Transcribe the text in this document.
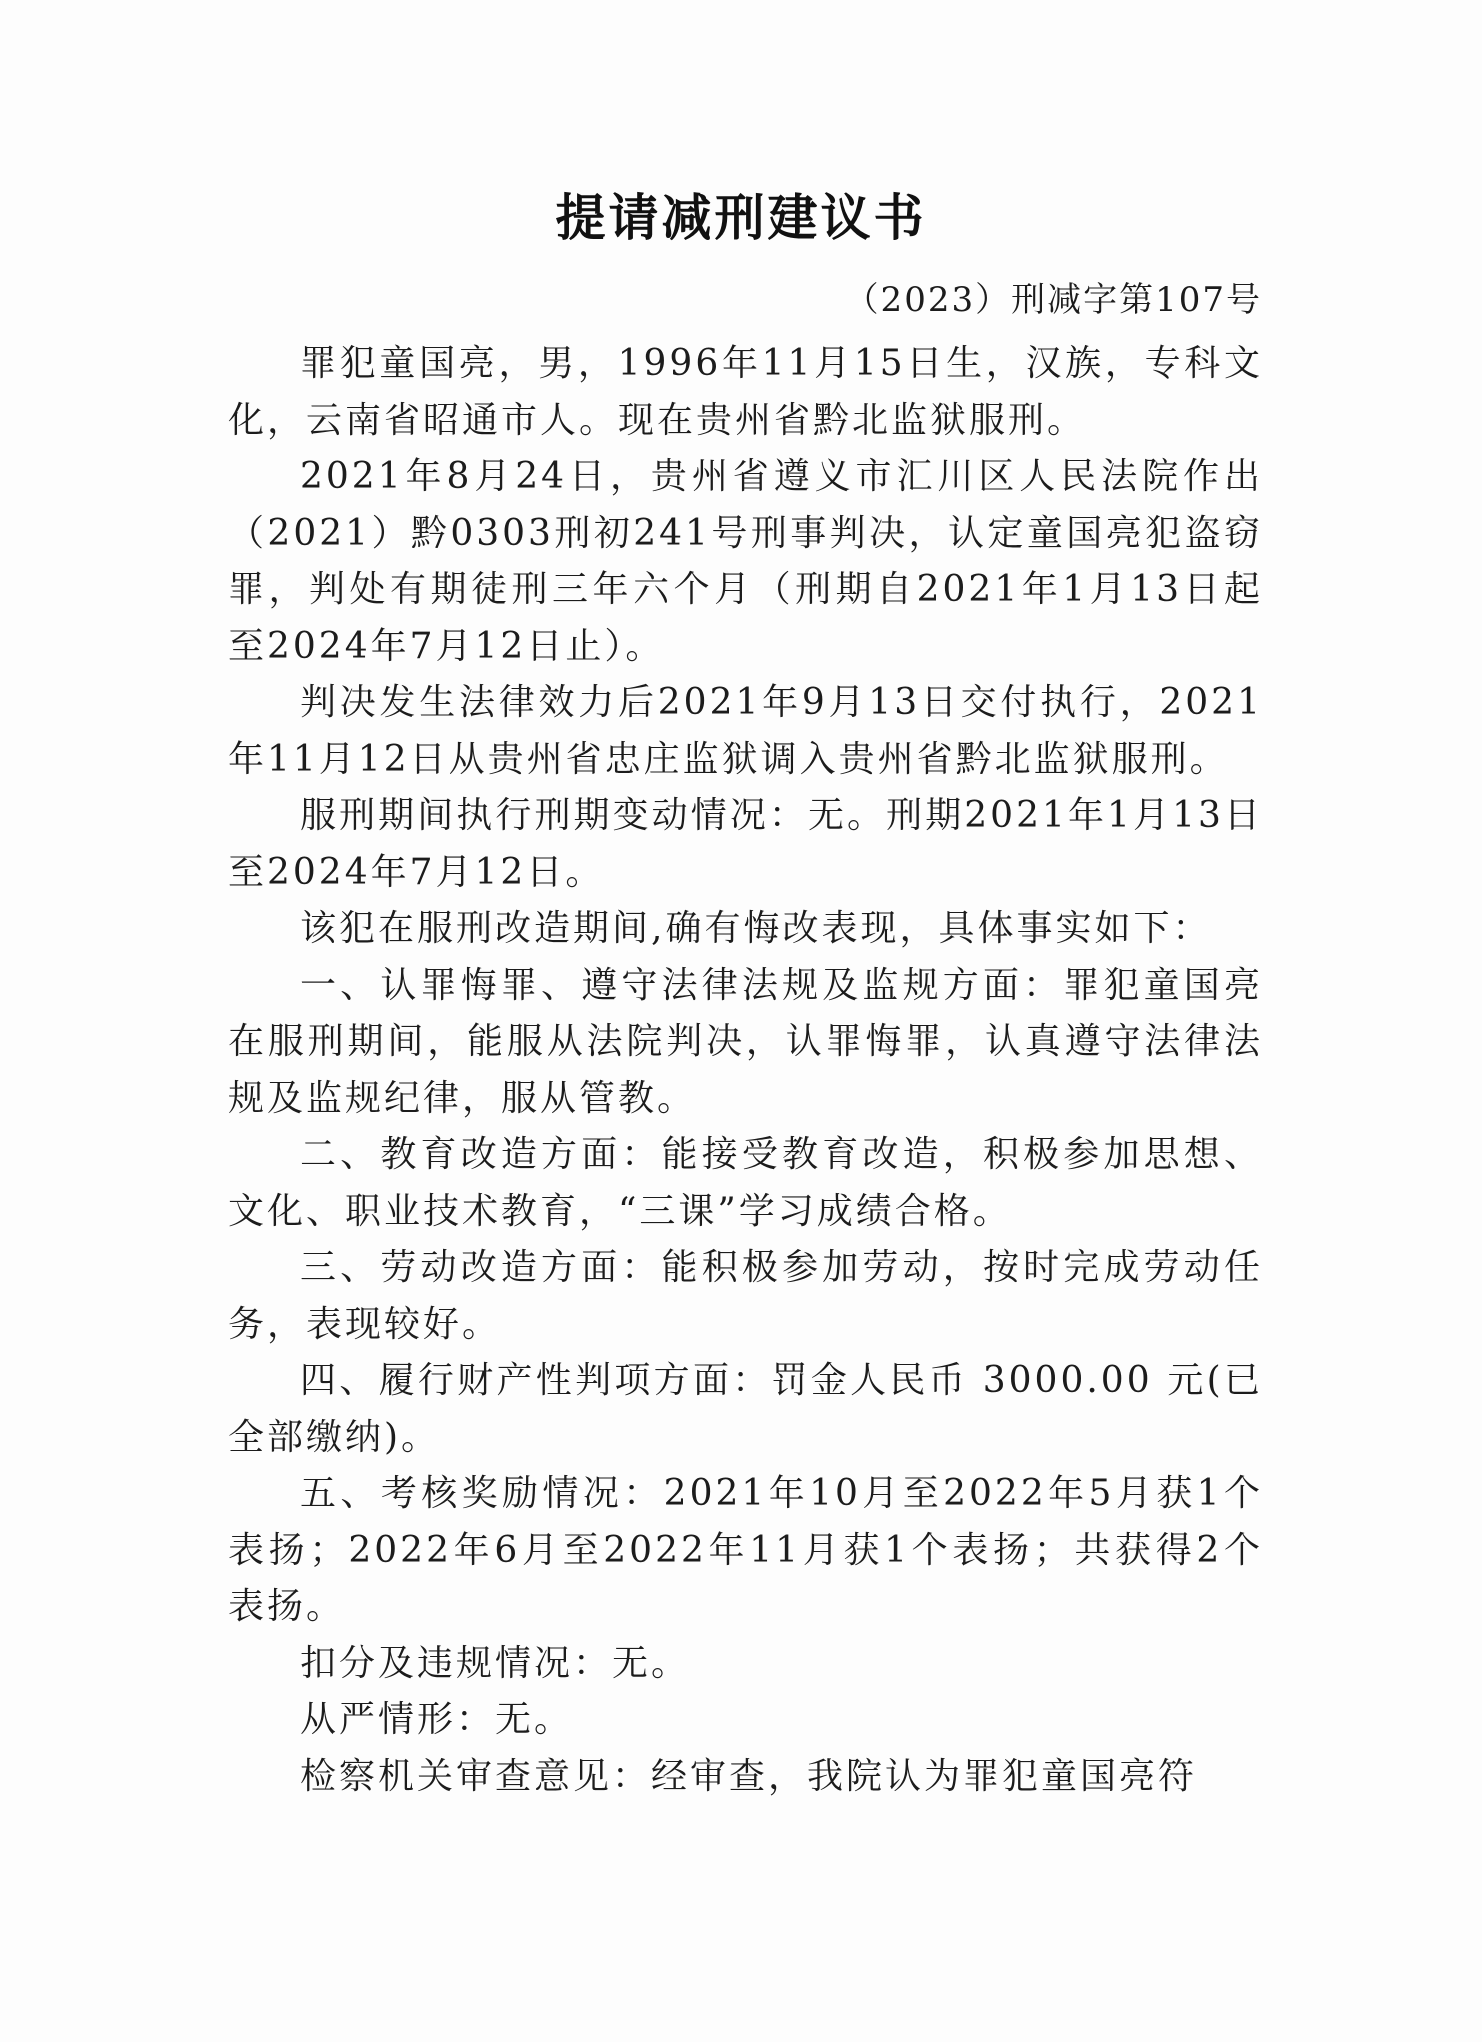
提请减刑建议书
（2023）刑减字第107号

罪犯童国亮，男，1996年11月15日生，汉族，专科文化，云南省昭通市人。现在贵州省黔北监狱服刑。

2021年8月24日，贵州省遵义市汇川区人民法院作出（2021）黔0303刑初241号刑事判决，认定童国亮犯盗窃罪，判处有期徒刑三年六个月（刑期自2021年1月13日起至2024年7月12日止）。

判决发生法律效力后2021年9月13日交付执行，2021年11月12日从贵州省忠庄监狱调入贵州省黔北监狱服刑。

服刑期间执行刑期变动情况：无。刑期2021年1月13日至2024年7月12日。

该犯在服刑改造期间,确有悔改表现，具体事实如下：

一、认罪悔罪、遵守法律法规及监规方面：罪犯童国亮在服刑期间，能服从法院判决，认罪悔罪，认真遵守法律法规及监规纪律，服从管教。

二、教育改造方面：能接受教育改造，积极参加思想、文化、职业技术教育，“三课”学习成绩合格。

三、劳动改造方面：能积极参加劳动，按时完成劳动任务，表现较好。

四、履行财产性判项方面：罚金人民币 3000.00 元(已全部缴纳)。

五、考核奖励情况：2021年10月至2022年5月获1个表扬；2022年6月至2022年11月获1个表扬；共获得2个表扬。

扣分及违规情况：无。

从严情形：无。

检察机关审查意见：经审查，我院认为罪犯童国亮符
